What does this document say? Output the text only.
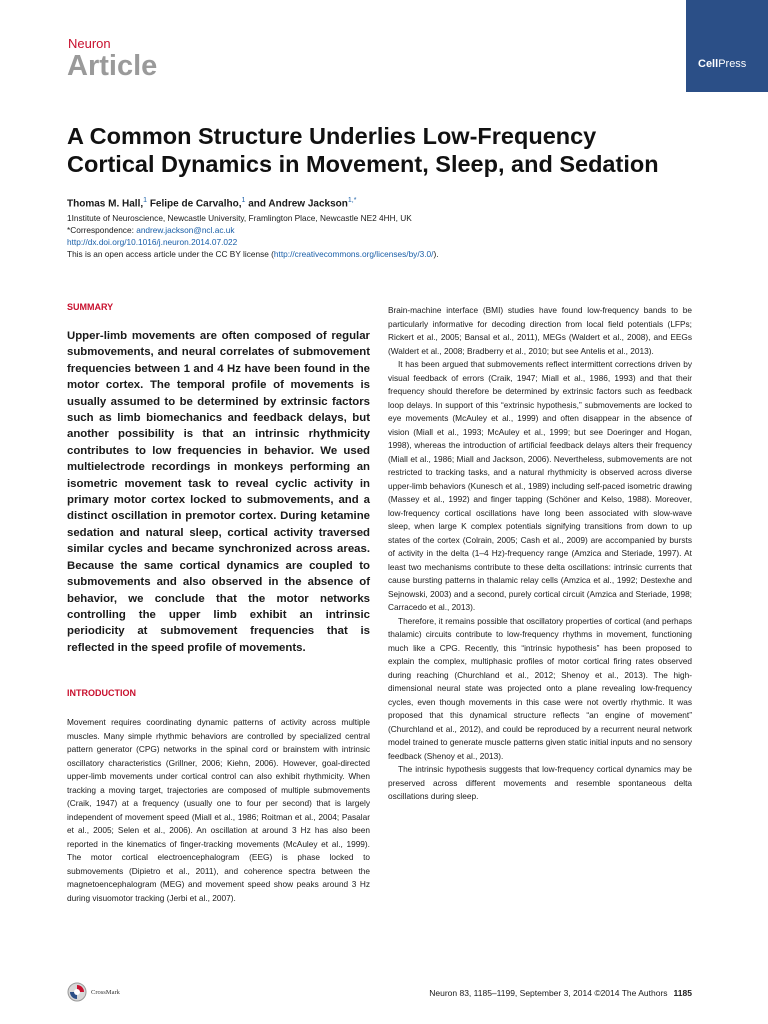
Neuron
Article	CellPress
A Common Structure Underlies Low-Frequency
Cortical Dynamics in Movement, Sleep, and Sedation
Thomas M. Hall,$^1$ Felipe de Carvalho,$^1$ and Andrew Jackson$^{1,*}$
1Institute of Neuroscience, Newcastle University, Framlington Place, Newcastle NE2 4HH, UK
*Correspondence: andrew.jackson@ncl.ac.uk
http://dx.doi.org/10.1016/j.neuron.2014.07.022
This is an open access article under the CC BY license (http://creativecommons.org/licenses/by/3.0/).
SUMMARY

Upper-limb movements are often composed of regular submovements, and neural correlates of submovement frequencies between 1 and 4 Hz have been found in the motor cortex. The temporal profile of movements is usually assumed to be determined by extrinsic factors such as limb biomechanics and feedback delays, but another possibility is that an intrinsic rhythmicity contributes to low frequencies in behavior. We used multielectrode recordings in monkeys performing an isometric movement task to reveal cyclic activity in primary motor cortex locked to submovements, and a distinct oscillation in premotor cortex. During ketamine sedation and natural sleep, cortical activity traversed similar cycles and became synchronized across areas. Because the same cortical dynamics are coupled to submovements and also observed in the absence of behavior, we conclude that the motor networks controlling the upper limb exhibit an intrinsic periodicity at submovement frequencies that is reflected in the speed profile of movements.

INTRODUCTION

Movement requires coordinating dynamic patterns of activity across multiple muscles. Many simple rhythmic behaviors are controlled by specialized central pattern generator (CPG) networks in the spinal cord or brainstem with intrinsic oscillatory characteristics (Grillner, 2006; Kiehn, 2006). However, goal-directed upper-limb movements under cortical control can also exhibit rhythmicity. When tracking a moving target, trajectories are composed of multiple submovements (Craik, 1947) at a frequency (usually one to four per second) that is largely independent of movement speed (Miall et al., 1986; Roitman et al., 2004; Pasalar et al., 2005; Selen et al., 2006). An oscillation at around 3 Hz has also been reported in the kinematics of finger-tracking movements (McAuley et al., 1999). The motor cortical electroencephalogram (EEG) is phase locked to submovements (Dipietro et al., 2011), and coherence spectra between the magnetoencephalogram (MEG) and movement speed show peaks around 3 Hz during visuomotor tracking (Jerbi et al., 2007).

Brain-machine interface (BMI) studies have found low-frequency bands to be particularly informative for decoding direction from local field potentials (LFPs; Rickert et al., 2005; Bansal et al., 2011), MEGs (Waldert et al., 2008), and EEGs (Waldert et al., 2008; Bradberry et al., 2010; but see Antelis et al., 2013).

It has been argued that submovements reflect intermittent corrections driven by visual feedback of errors (Craik, 1947; Miall et al., 1986, 1993) and that their frequency should therefore be determined by extrinsic factors such as feedback loop delays. In support of this “extrinsic hypothesis,” submovements are locked to eye movements (McAuley et al., 1999) and often disappear in the absence of vision (Miall et al., 1993; McAuley et al., 1999; but see Doeringer and Hogan, 1998), whereas the introduction of artificial feedback delays alters their frequency (Miall et al., 1986; Miall and Jackson, 2006). Nevertheless, submovements are not restricted to tracking tasks, and a natural rhythmicity is observed across diverse upper-limb behaviors (Kunesch et al., 1989) including self-paced isometric drawing (Massey et al., 1992) and finger tapping (Schöner and Kelso, 1988). Moreover, low-frequency cortical oscillations have long been associated with slow-wave sleep, when large K complex potentials signifying transitions from down to up states of the cortex (Colrain, 2005; Cash et al., 2009) are accompanied by bursts of activity in the delta (1–4 Hz)-frequency range (Amzica and Steriade, 1997). At least two mechanisms contribute to these delta oscillations: intrinsic currents that cause bursting patterns in thalamic relay cells (Amzica et al., 1992; Destexhe and Sejnowski, 2003) and a second, purely cortical circuit (Amzica and Steriade, 1998; Carracedo et al., 2013).

Therefore, it remains possible that oscillatory properties of cortical (and perhaps thalamic) circuits contribute to low-frequency rhythms in movement, functioning much like a CPG. Recently, this “intrinsic hypothesis” has been proposed to explain the complex, multiphasic profiles of motor cortical firing rates observed during reaching (Churchland et al., 2012; Shenoy et al., 2013). The high-dimensional neural state was projected onto a plane revealing low-frequency cycles, even though movements in this case were not overtly rhythmic. It was proposed that this dynamical structure reflects “an engine of movement” (Churchland et al., 2012), and could be reproduced by a recurrent neural network model trained to generate muscle patterns given static initial inputs and no sensory feedback (Shenoy et al., 2013).

The intrinsic hypothesis suggests that low-frequency cortical dynamics may be preserved across different movements and resemble spontaneous delta oscillations during sleep.

CrossMark	Neuron 83, 1185–1199, September 3, 2014 ©2014 The Authors 1185
